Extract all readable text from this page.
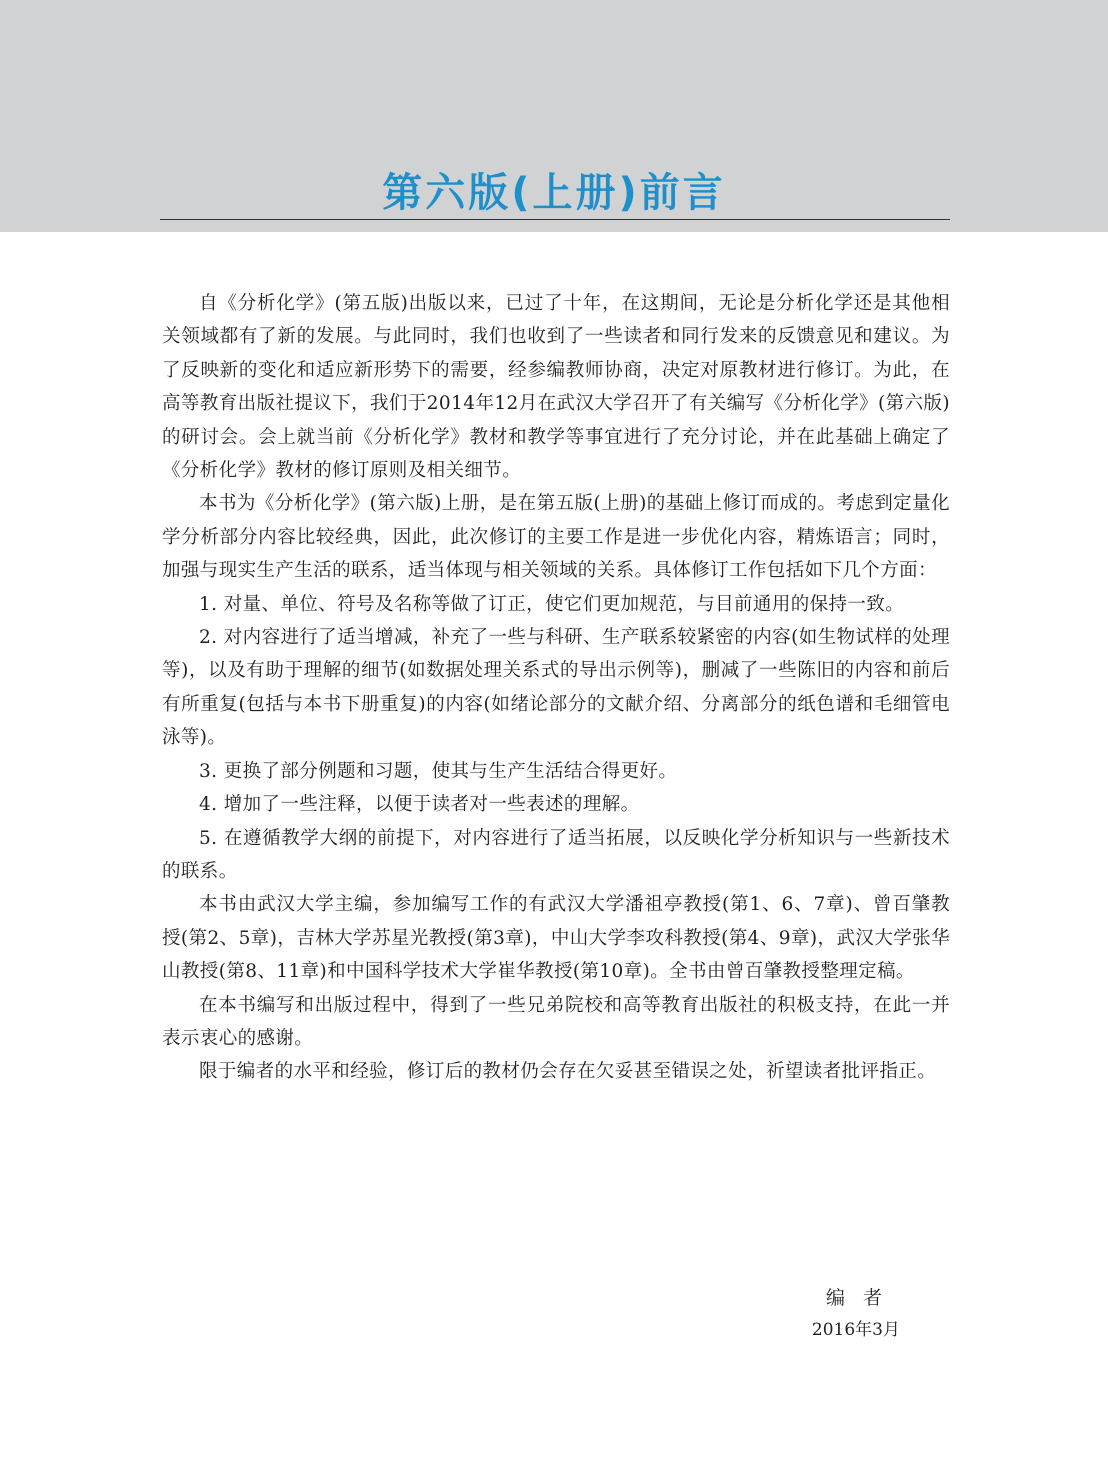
第六版(上册)前言

自《分析化学》(第五版)出版以来，已过了十年，在这期间，无论是分析化学还是其他相关领域都有了新的发展。与此同时，我们也收到了一些读者和同行发来的反馈意见和建议。为了反映新的变化和适应新形势下的需要，经参编教师协商，决定对原教材进行修订。为此，在高等教育出版社提议下，我们于2014年12月在武汉大学召开了有关编写《分析化学》(第六版)的研讨会。会上就当前《分析化学》教材和教学等事宜进行了充分讨论，并在此基础上确定了《分析化学》教材的修订原则及相关细节。

本书为《分析化学》(第六版)上册，是在第五版(上册)的基础上修订而成的。考虑到定量化学分析部分内容比较经典，因此，此次修订的主要工作是进一步优化内容，精炼语言；同时，加强与现实生产生活的联系，适当体现与相关领域的关系。具体修订工作包括如下几个方面：

1. 对量、单位、符号及名称等做了订正，使它们更加规范，与目前通用的保持一致。

2. 对内容进行了适当增减，补充了一些与科研、生产联系较紧密的内容(如生物试样的处理等)，以及有助于理解的细节(如数据处理关系式的导出示例等)，删减了一些陈旧的内容和前后有所重复(包括与本书下册重复)的内容(如绪论部分的文献介绍、分离部分的纸色谱和毛细管电泳等)。

3. 更换了部分例题和习题，使其与生产生活结合得更好。

4. 增加了一些注释，以便于读者对一些表述的理解。

5. 在遵循教学大纲的前提下，对内容进行了适当拓展，以反映化学分析知识与一些新技术的联系。

本书由武汉大学主编，参加编写工作的有武汉大学潘祖亭教授(第1、6、7章)、曾百肇教授(第2、5章)，吉林大学苏星光教授(第3章)，中山大学李攻科教授(第4、9章)，武汉大学张华山教授(第8、11章)和中国科学技术大学崔华教授(第10章)。全书由曾百肇教授整理定稿。

在本书编写和出版过程中，得到了一些兄弟院校和高等教育出版社的积极支持，在此一并表示衷心的感谢。

限于编者的水平和经验，修订后的教材仍会存在欠妥甚至错误之处，祈望读者批评指正。

编者
2016年3月
